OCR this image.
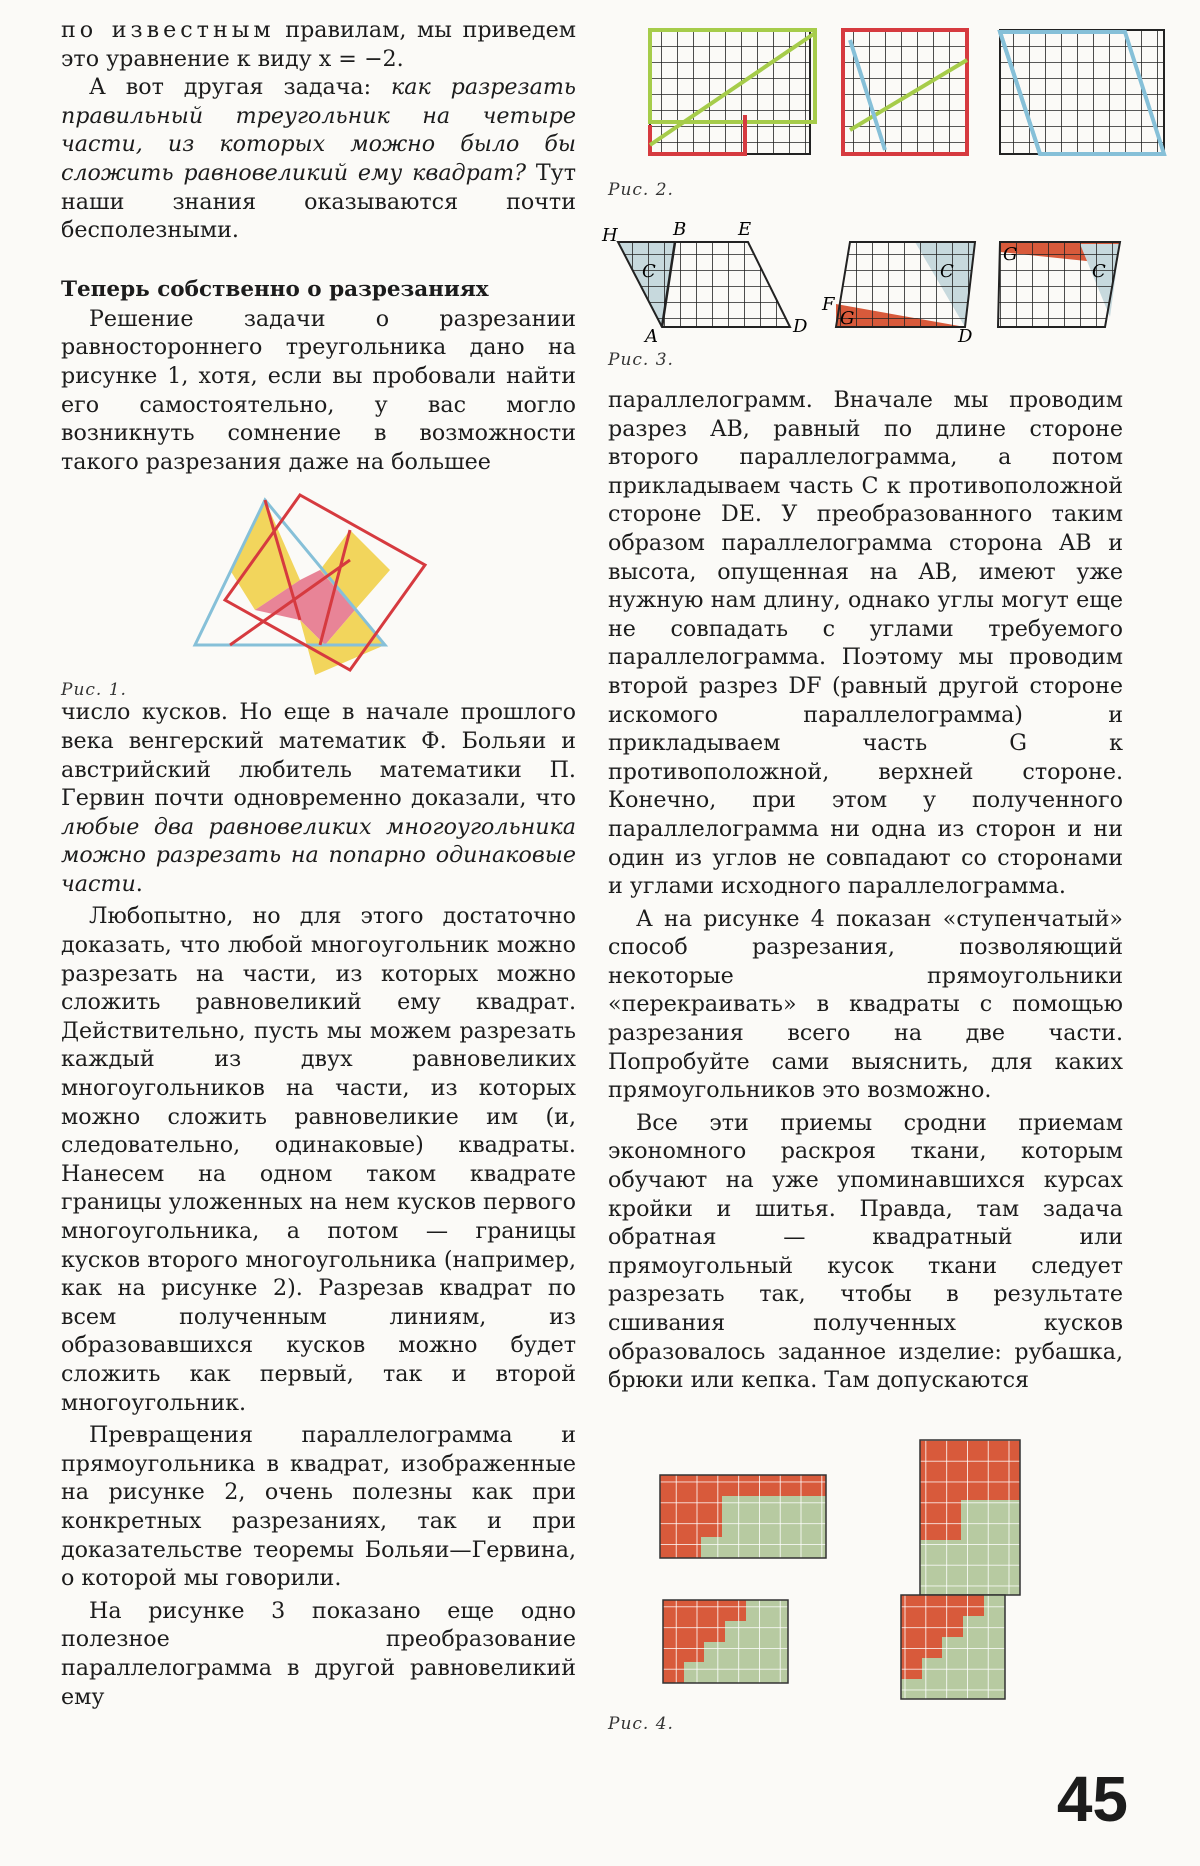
по известным правилам, мы приведем это уравнение к виду x = −2.

А вот другая задача: как разрезать правильный треугольник на четыре части, из которых можно было бы сложить равновеликий ему квадрат? Тут наши знания оказываются почти бесполезными.

Теперь собственно о разрезаниях

Решение задачи о разрезании равностороннего треугольника дано на рисунке 1, хотя, если вы пробовали найти его самостоятельно, у вас могло возникнуть сомнение в возможности такого разрезания даже на большее

число кусков. Но еще в начале прошлого века венгерский математик Ф. Больяи и австрийский любитель математики П. Гервин почти одновременно доказали, что любые два равновеликих многоугольника можно разрезать на попарно одинаковые части.

Любопытно, но для этого достаточно доказать, что любой многоугольник можно разрезать на части, из которых можно сложить равновеликий ему квадрат. Действительно, пусть мы можем разрезать каждый из двух равновеликих многоугольников на части, из которых можно сложить равновеликие им (и, следовательно, одинаковые) квадраты. Нанесем на одном таком квадрате границы уложенных на нем кусков первого многоугольника, а потом — границы кусков второго многоугольника (например, как на рисунке 2). Разрезав квадрат по всем полученным линиям, из образовавшихся кусков можно будет сложить как первый, так и второй многоугольник.

Превращения параллелограмма и прямоугольника в квадрат, изображенные на рисунке 2, очень полезны как при конкретных разрезаниях, так и при доказательстве теоремы Больяи—Гервина, о которой мы говорили.

На рисунке 3 показано еще одно полезное преобразование параллелограмма в другой равновеликий ему

Рис. 1.
Рис. 2.
H	B	E
C
A	D
F
G
C
D
G
C
Рис. 3.

параллелограмм. Вначале мы проводим разрез AB, равный по длине стороне второго параллелограмма, а потом прикладываем часть C к противоположной стороне DE. У преобразованного таким образом параллелограмма сторона AB и высота, опущенная на AB, имеют уже нужную нам длину, однако углы могут еще не совпадать с углами требуемого параллелограмма. Поэтому мы проводим второй разрез DF (равный другой стороне искомого параллелограмма) и прикладываем часть G к противоположной, верхней стороне. Конечно, при этом у полученного параллелограмма ни одна из сторон и ни один из углов не совпадают со сторонами и углами исходного параллелограмма.

А на рисунке 4 показан «ступенчатый» способ разрезания, позволяющий некоторые прямоугольники «перекраивать» в квадраты с помощью разрезания всего на две части. Попробуйте сами выяснить, для каких прямоугольников это возможно.

Все эти приемы сродни приемам экономного раскроя ткани, которым обучают на уже упоминавшихся курсах кройки и шитья. Правда, там задача обратная — квадратный или прямоугольный кусок ткани следует разрезать так, чтобы в результате сшивания полученных кусков образовалось заданное изделие: рубашка, брюки или кепка. Там допускаются

Рис. 4.
45
